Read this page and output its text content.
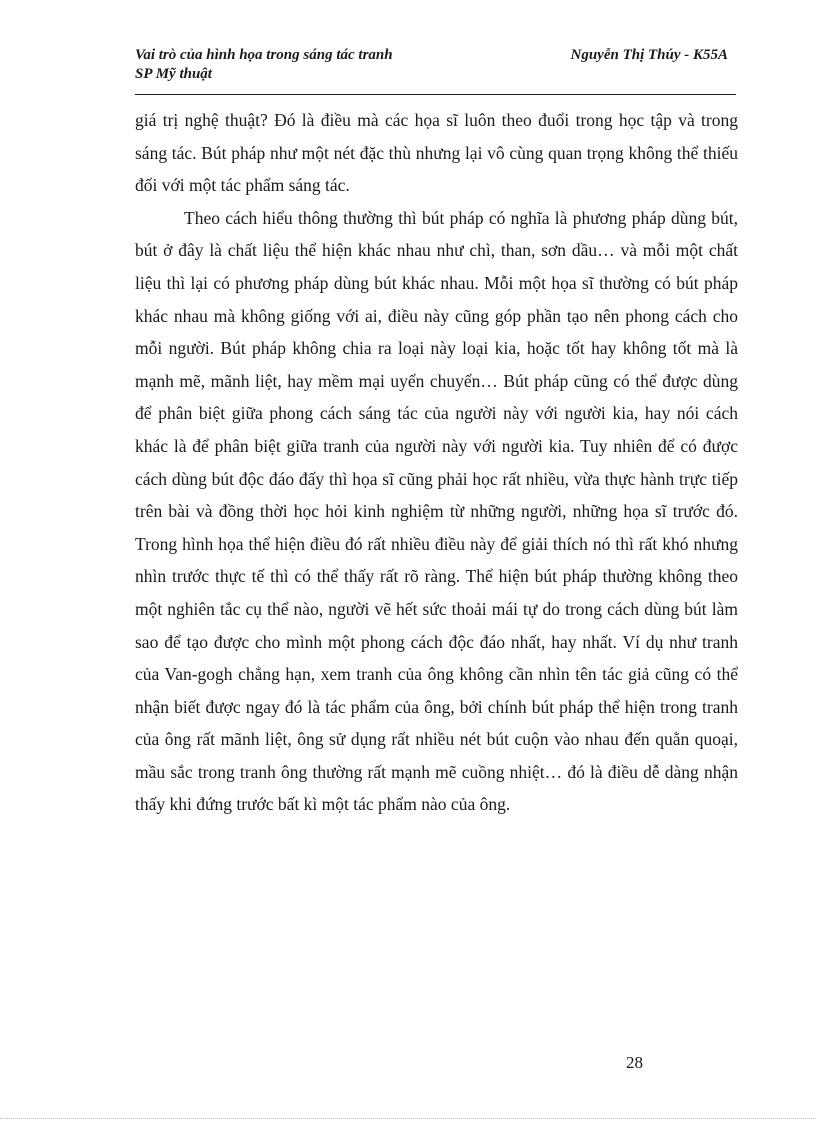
Vai trò của hình họa trong sáng tác tranh
SP Mỹ thuật
Nguyễn Thị Thúy - K55A

giá trị nghệ thuật? Đó là điều mà các họa sĩ luôn theo đuổi trong học tập và trong sáng tác. Bút pháp như một nét đặc thù nhưng lại vô cùng quan trọng không thể thiếu đối với một tác phẩm sáng tác.

Theo cách hiểu thông thường thì bút pháp có nghĩa là phương pháp dùng bút, bút ở đây là chất liệu thể hiện khác nhau như chì, than, sơn dầu… và mỗi một chất liệu thì lại có phương pháp dùng bút khác nhau. Mỗi một họa sĩ thường có bút pháp khác nhau mà không giống với ai, điều này cũng góp phần tạo nên phong cách cho mỗi người. Bút pháp không chia ra loại này loại kia, hoặc tốt hay không tốt mà là mạnh mẽ, mãnh liệt, hay mềm mại uyển chuyển… Bút pháp cũng có thể được dùng để phân biệt giữa phong cách sáng tác của người này với người kia, hay nói cách khác là để phân biệt giữa tranh của người này với người kia. Tuy nhiên để có được cách dùng bút độc đáo đấy thì họa sĩ cũng phải học rất nhiều, vừa thực hành trực tiếp trên bài và đồng thời học hỏi kinh nghiệm từ những người, những họa sĩ trước đó. Trong hình họa thể hiện điều đó rất nhiều điều này để giải thích nó thì rất khó nhưng nhìn trước thực tế thì có thể thấy rất rõ ràng. Thể hiện bút pháp thường không theo một nghiên tắc cụ thể nào, người vẽ hết sức thoải mái tự do trong cách dùng bút làm sao để tạo được cho mình một phong cách độc đáo nhất, hay nhất. Ví dụ như tranh của Van-gogh chẳng hạn, xem tranh của ông không cần nhìn tên tác giả cũng có thể nhận biết được ngay đó là tác phẩm của ông, bởi chính bút pháp thể hiện trong tranh của ông rất mãnh liệt, ông sử dụng rất nhiều nét bút cuộn vào nhau đến quằn quoại, mầu sắc trong tranh ông thường rất mạnh mẽ cuồng nhiệt… đó là điều dễ dàng nhận thấy khi đứng trước bất kì một tác phẩm nào của ông.

28
